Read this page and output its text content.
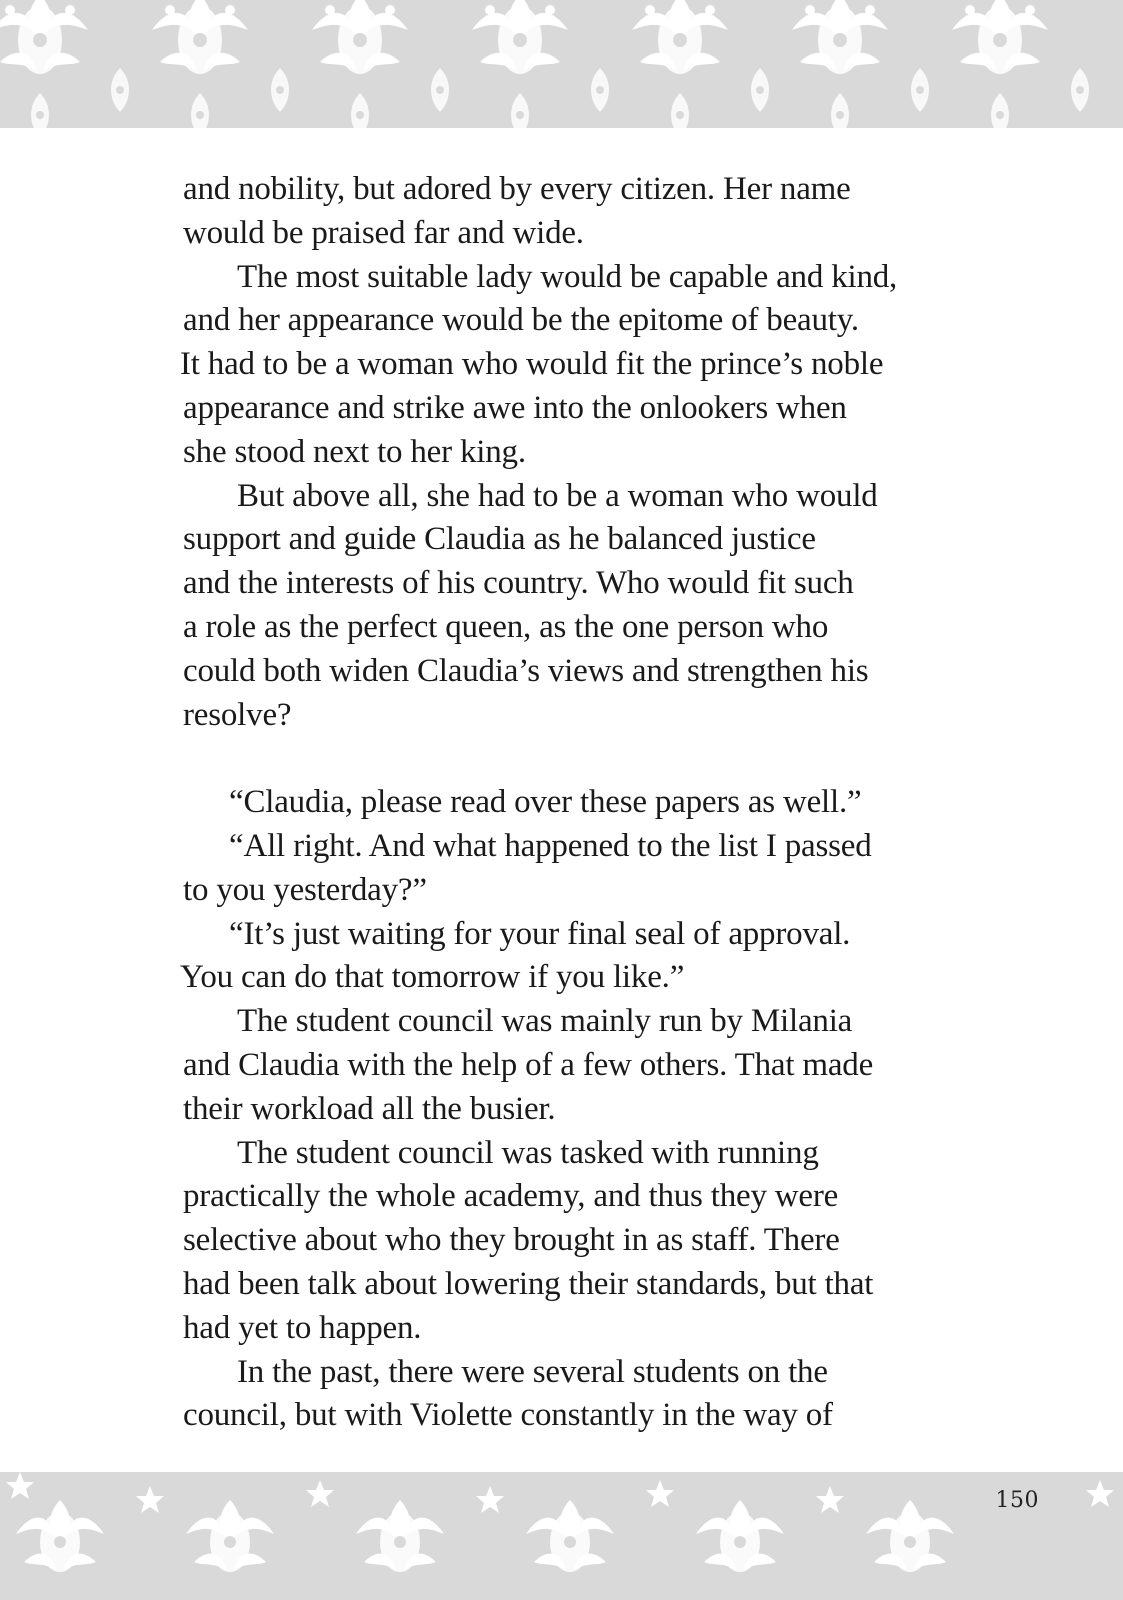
and nobility, but adored by every citizen. Her name
would be praised far and wide.
The most suitable lady would be capable and kind,
and her appearance would be the epitome of beauty.
It had to be a woman who would fit the prince’s noble
appearance and strike awe into the onlookers when
she stood next to her king.
But above all, she had to be a woman who would
support and guide Claudia as he balanced justice
and the interests of his country. Who would fit such
a role as the perfect queen, as the one person who
could both widen Claudia’s views and strengthen his
resolve?
“Claudia, please read over these papers as well.”
“All right. And what happened to the list I passed
to you yesterday?”
“It’s just waiting for your final seal of approval.
You can do that tomorrow if you like.”
The student council was mainly run by Milania
and Claudia with the help of a few others. That made
their workload all the busier.
The student council was tasked with running
practically the whole academy, and thus they were
selective about who they brought in as staff. There
had been talk about lowering their standards, but that
had yet to happen.
In the past, there were several students on the
council, but with Violette constantly in the way of
150
